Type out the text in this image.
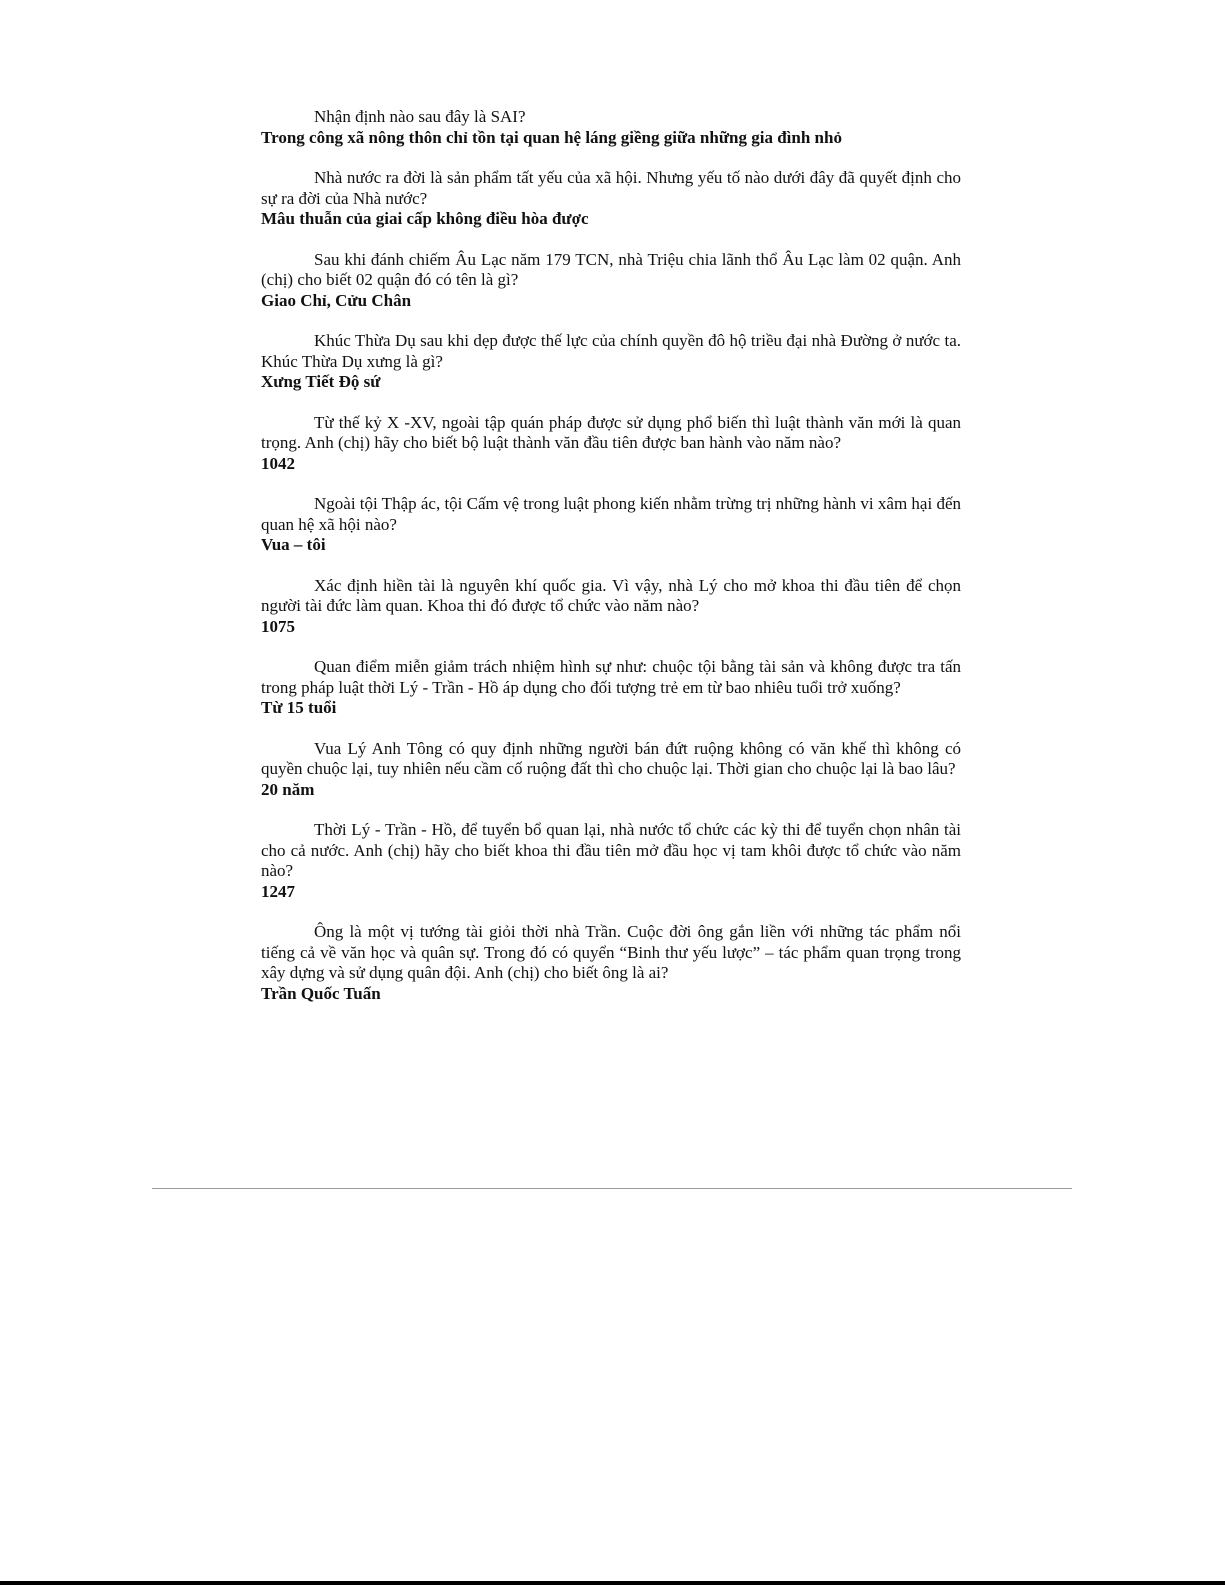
Nhận định nào sau đây là SAI?

Trong công xã nông thôn chỉ tồn tại quan hệ láng giềng giữa những gia đình nhỏ

Nhà nước ra đời là sản phẩm tất yếu của xã hội. Nhưng yếu tố nào dưới đây đã quyết định cho sự ra đời của Nhà nước?

Mâu thuẫn của giai cấp không điều hòa được

Sau khi đánh chiếm Âu Lạc năm 179 TCN, nhà Triệu chia lãnh thổ Âu Lạc làm 02 quận. Anh (chị) cho biết 02 quận đó có tên là gì?

Giao Chỉ, Cửu Chân

Khúc Thừa Dụ sau khi dẹp được thế lực của chính quyền đô hộ triều đại nhà Đường ở nước ta. Khúc Thừa Dụ xưng là gì?

Xưng Tiết Độ sứ

Từ thế kỷ X -XV, ngoài tập quán pháp được sử dụng phổ biến thì luật thành văn mới là quan trọng. Anh (chị) hãy cho biết bộ luật thành văn đầu tiên được ban hành vào năm nào?

1042

Ngoài tội Thập ác, tội Cấm vệ trong luật phong kiến nhằm trừng trị những hành vi xâm hại đến quan hệ xã hội nào?

Vua – tôi

Xác định hiền tài là nguyên khí quốc gia. Vì vậy, nhà Lý cho mở khoa thi đầu tiên để chọn người tài đức làm quan. Khoa thi đó được tổ chức vào năm nào?

1075

Quan điểm miễn giảm trách nhiệm hình sự như: chuộc tội bằng tài sản và không được tra tấn trong pháp luật thời Lý - Trần - Hồ áp dụng cho đối tượng trẻ em từ bao nhiêu tuổi trở xuống?

Từ 15 tuổi

Vua Lý Anh Tông có quy định những người bán đứt ruộng không có văn khế thì không có quyền chuộc lại, tuy nhiên nếu cầm cố ruộng đất thì cho chuộc lại. Thời gian cho chuộc lại là bao lâu?

20 năm

Thời Lý - Trần - Hồ, để tuyển bổ quan lại, nhà nước tổ chức các kỳ thi để tuyển chọn nhân tài cho cả nước. Anh (chị) hãy cho biết khoa thi đầu tiên mở đầu học vị tam khôi được tổ chức vào năm nào?

1247

Ông là một vị tướng tài giỏi thời nhà Trần. Cuộc đời ông gắn liền với những tác phẩm nổi tiếng cả về văn học và quân sự. Trong đó có quyển “Binh thư yếu lược” – tác phẩm quan trọng trong xây dựng và sử dụng quân đội. Anh (chị) cho biết ông là ai?

Trần Quốc Tuấn
